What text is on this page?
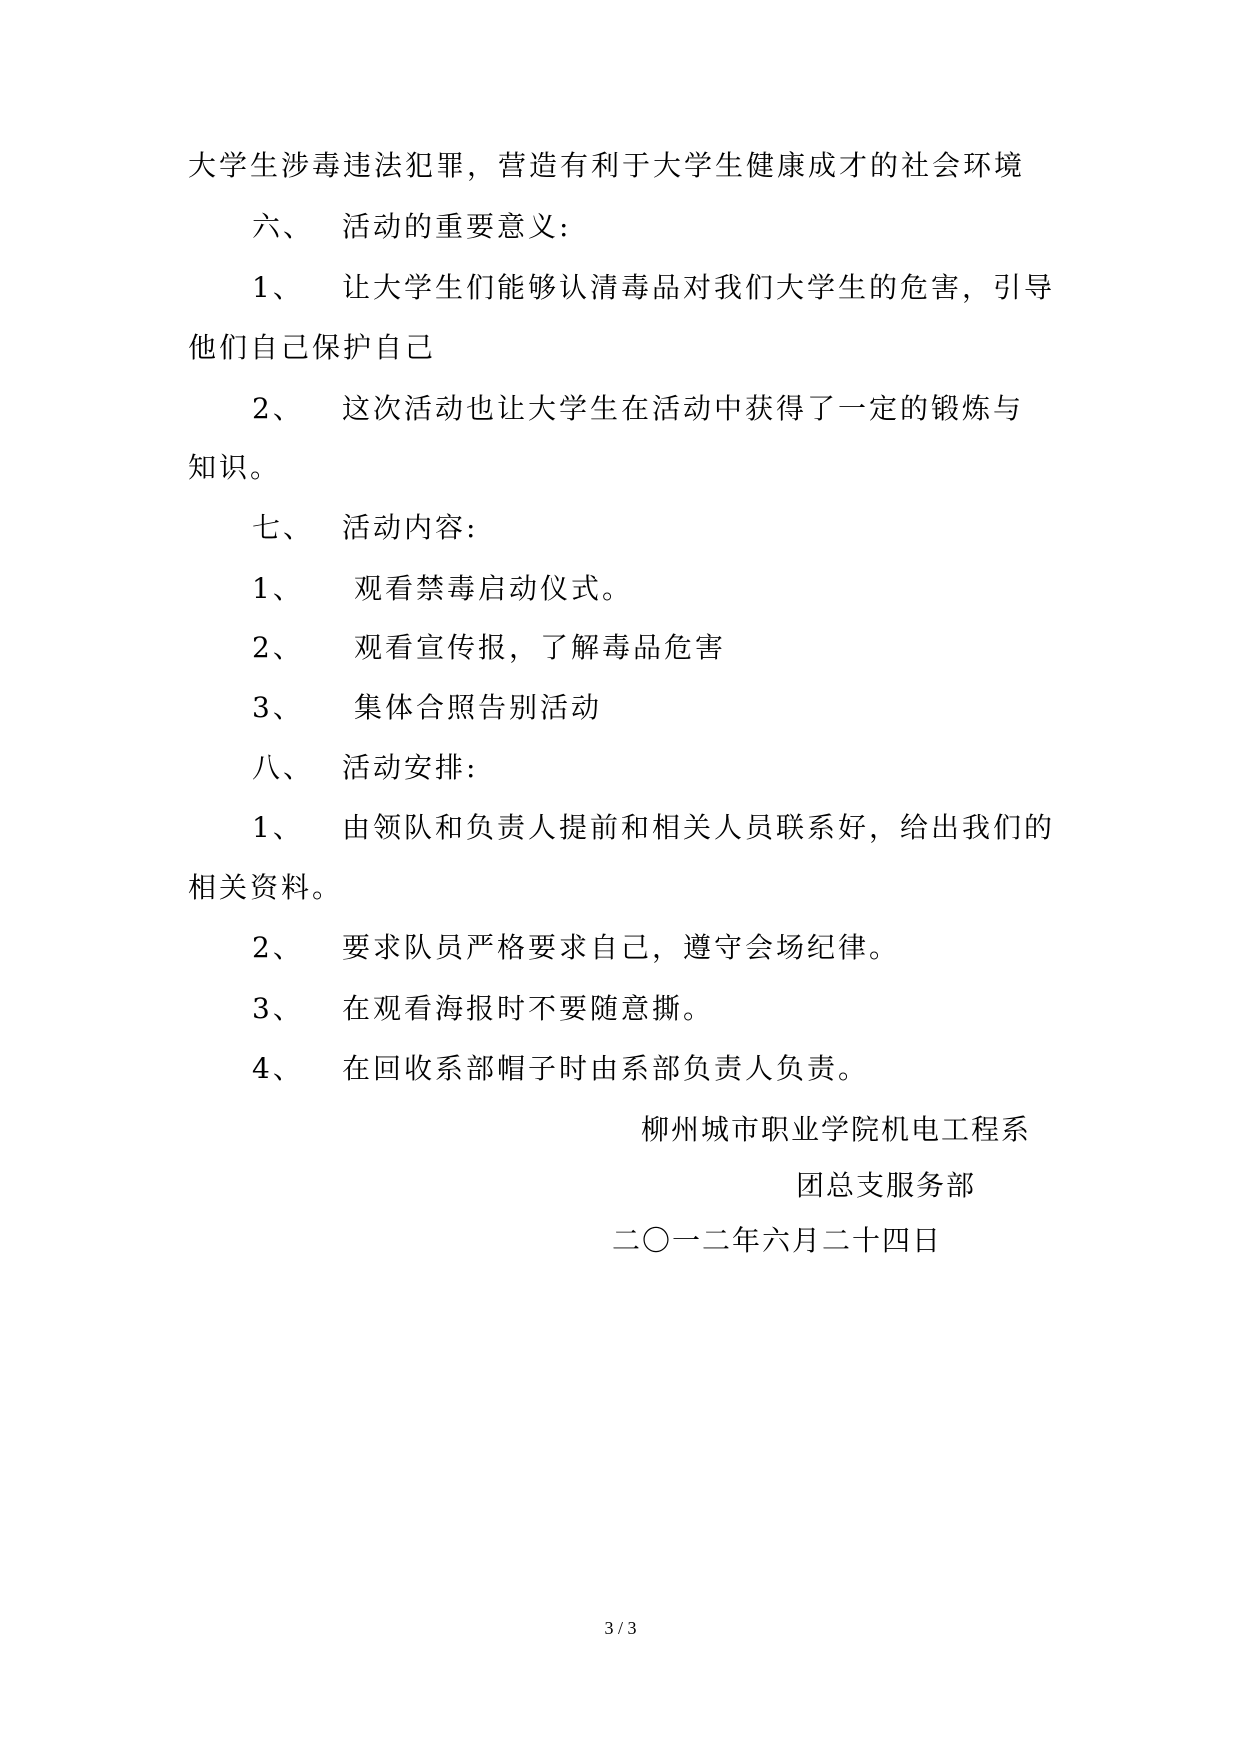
大学生涉毒违法犯罪，营造有利于大学生健康成才的社会环境
六、 活动的重要意义:
1、 让大学生们能够认清毒品对我们大学生的危害，引导
他们自己保护自己
2、 这次活动也让大学生在活动中获得了一定的锻炼与
知识。
七、 活动内容:
1、 观看禁毒启动仪式。
2、 观看宣传报，了解毒品危害
3、 集体合照告别活动
八、 活动安排:
1、 由领队和负责人提前和相关人员联系好，给出我们的
相关资料。
2、 要求队员严格要求自己，遵守会场纪律。
3、 在观看海报时不要随意撕。
4、 在回收系部帽子时由系部负责人负责。
柳州城市职业学院机电工程系
团总支服务部
二〇一二年六月二十四日
3 / 3
